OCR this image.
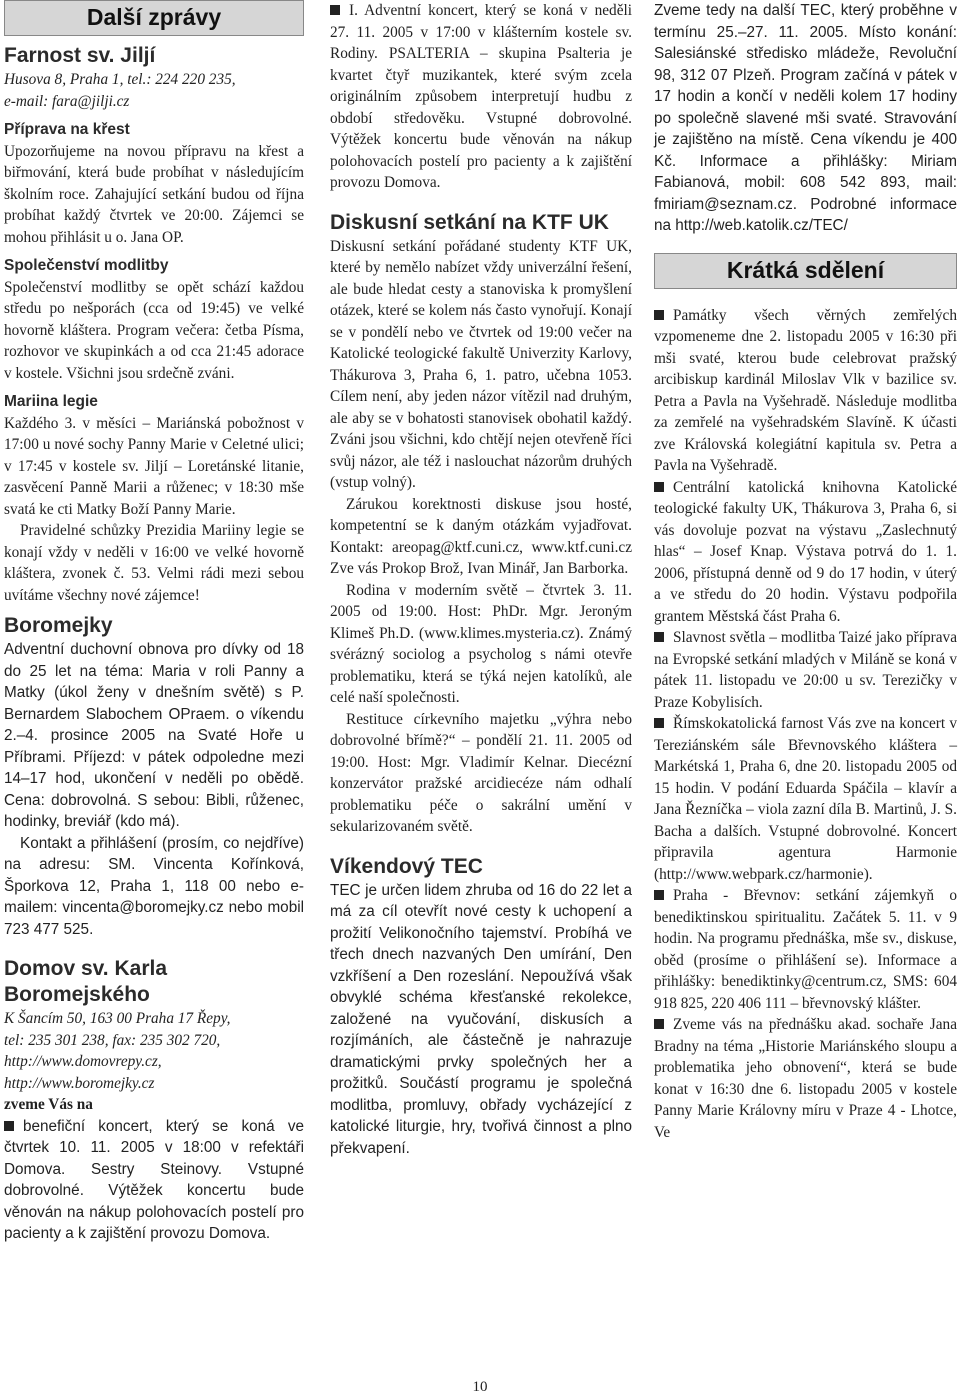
Další zprávy
Farnost sv. Jiljí
Husova 8, Praha 1, tel.: 224 220 235,
e-mail: fara@jilji.cz
Příprava na křest

Upozorňujeme na novou přípravu na křest a biřmování, která bude probíhat v následujícím školním roce. Zahajující setkání budou od října probíhat každý čtvrtek ve 20:00. Zájemci se mohou přihlásit u o. Jana OP.

Společenství modlitby

Společenství modlitby se opět schází každou středu po nešporách (cca od 19:45) ve velké hovorně kláštera. Program večera: četba Písma, rozhovor ve skupinkách a od cca 21:45 adorace v kostele. Všichni jsou srdečně zváni.

Mariina legie

Každého 3. v měsíci – Mariánská pobožnost v 17:00 u nové sochy Panny Marie v Celetné ulici; v 17:45 v kostele sv. Jiljí – Loretánské litanie, zasvěcení Panně Marii a růženec; v 18:30 mše svatá ke cti Matky Boží Panny Marie.

Pravidelné schůzky Prezidia Mariiny legie se konají vždy v neděli v 16:00 ve velké hovorně kláštera, zvonek č. 53. Velmi rádi mezi sebou uvítáme všechny nové zájemce!

Boromejky

Adventní duchovní obnova pro dívky od 18 do 25 let na téma: Maria v roli Panny a Matky (úkol ženy v dnešním světě) s P. Bernardem Slabochem OPraem. o víkendu 2.–4. prosince 2005 na Svaté Hoře u Příbrami. Příjezd: v pátek odpoledne mezi 14–17 hod, ukončení v neděli po obědě. Cena: dobrovolná. S sebou: Bibli, růženec, hodinky, breviář (kdo má).

Kontakt a přihlášení (prosím, co nejdříve) na adresu: SM. Vincenta Kořínková, Šporkova 12, Praha 1, 118 00 nebo e-mailem: vincenta@boromejky.cz nebo mobil 723 477 525.

Domov sv. Karla Boromejského
K Šancím 50, 163 00 Praha 17 Řepy,
tel: 235 301 238, fax: 235 302 720,
http://www.domovrepy.cz,
http://www.boromejky.cz
zveme Vás na

benefiční koncert, který se koná ve čtvrtek 10. 11. 2005 v 18:00 v refektáři Domova. Sestry Steinovy. Vstupné dobrovolné. Výtěžek koncertu bude věnován na nákup polohovacích postelí pro pacienty a k zajištění provozu Domova.

I. Adventní koncert, který se koná v neděli 27. 11. 2005 v 17:00 v klášterním kostele sv. Rodiny. PSALTERIA – skupina Psalteria je kvartet čtyř muzikantek, které svým zcela originálním způsobem interpretují hudbu z období středověku. Vstupné dobrovolné. Výtěžek koncertu bude věnován na nákup polohovacích postelí pro pacienty a k zajištění provozu Domova.

Diskusní setkání na KTF UK

Diskusní setkání pořádané studenty KTF UK, které by nemělo nabízet vždy univerzální řešení, ale bude hledat cesty a stanoviska k promyšlení otázek, které se kolem nás často vynořují. Konají se v pondělí nebo ve čtvrtek od 19:00 večer na Katolické teologické fakultě Univerzity Karlovy, Thákurova 3, Praha 6, 1. patro, učebna 1053. Cílem není, aby jeden názor vítězil nad druhým, ale aby se v bohatosti stanovisek obohatil každý. Zváni jsou všichni, kdo chtějí nejen otevřeně říci svůj názor, ale též i naslouchat názorům druhých (vstup volný).

Zárukou korektnosti diskuse jsou hosté, kompetentní se k daným otázkám vyjadřovat. Kontakt: areopag@ktf.cuni.cz, www.ktf.cuni.cz Zve vás Prokop Brož, Ivan Minář, Jan Barborka.

Rodina v moderním světě – čtvrtek 3. 11. 2005 od 19:00. Host: PhDr. Mgr. Jeroným Klimeš Ph.D. (www.klimes.mysteria.cz). Známý svérázný sociolog a psycholog s námi otevře problematiku, která se týká nejen katolíků, ale celé naší společnosti.

Restituce církevního majetku „výhra nebo dobrovolné břímě?“ – pondělí 21. 11. 2005 od 19:00. Host: Mgr. Vladimír Kelnar. Diecézní konzervátor pražské arcidiecéze nám odhalí problematiku péče o sakrální umění v sekularizovaném světě.

Víkendový TEC

TEC je určen lidem zhruba od 16 do 22 let a má za cíl otevřít nové cesty k uchopení a prožití Velikonočního tajemství. Probíhá ve třech dnech nazvaných Den umírání, Den vzkříšení a Den rozeslání. Nepoužívá však obvyklé schéma křesťanské rekolekce, založené na vyučování, diskusích a rozjímáních, ale částečně je nahrazuje dramatickými prvky společných her a prožitků. Součástí programu je společná modlitba, promluvy, obřady vycházející z katolické liturgie, hry, tvořivá činnost a plno překvapení.

Zveme tedy na další TEC, který proběhne v termínu 25.–27. 11. 2005. Místo konání: Salesiánské středisko mládeže, Revoluční 98, 312 07 Plzeň. Program začíná v pátek v 17 hodin a končí v neděli kolem 17 hodiny po společně slavené mši svaté. Stravování je zajištěno na místě. Cena víkendu je 400 Kč. Informace a přihlášky: Miriam Fabianová, mobil: 608 542 893, mail: fmiriam@seznam.cz. Podrobné informace na http://web.katolik.cz/TEC/

Krátká sdělení

Památky všech věrných zemřelých vzpomeneme dne 2. listopadu 2005 v 16:30 při mši svaté, kterou bude celebrovat pražský arcibiskup kardinál Miloslav Vlk v bazilice sv. Petra a Pavla na Vyšehradě. Následuje modlitba za zemřelé na vyšehradském Slavíně. K účasti zve Královská kolegiátní kapitula sv. Petra a Pavla na Vyšehradě.

Centrální katolická knihovna Katolické teologické fakulty UK, Thákurova 3, Praha 6, si vás dovoluje pozvat na výstavu „Zaslechnutý hlas“ – Josef Knap. Výstava potrvá do 1. 1. 2006, přístupná denně od 9 do 17 hodin, v úterý a ve středu do 20 hodin. Výstavu podpořila grantem Městská část Praha 6.

Slavnost světla – modlitba Taizé jako příprava na Evropské setkání mladých v Miláně se koná v pátek 11. listopadu ve 20:00 u sv. Terezičky v Praze Kobylisích.

Římskokatolická farnost Vás zve na koncert v Tereziánském sále Břevnovského kláštera – Markétská 1, Praha 6, dne 20. listopadu 2005 od 15 hodin. V podání Eduarda Spáčila – klavír a Jana Řezníčka – viola zazní díla B. Martinů, J. S. Bacha a dalších. Vstupné dobrovolné. Koncert připravila agentura Harmonie (http://www.webpark.cz/harmonie).

Praha - Břevnov: setkání zájemkyň o benediktinskou spiritualitu. Začátek 5. 11. v 9 hodin. Na programu přednáška, mše sv., diskuse, oběd (prosíme o přihlášení se). Informace a přihlášky: benediktinky@centrum.cz, SMS: 604 918 825, 220 406 111 – břevnovský klášter.

Zveme vás na přednášku akad. sochaře Jana Bradny na téma „Historie Mariánského sloupu a problematika jeho obnovení“, která se bude konat v 16:30 dne 6. listopadu 2005 v kostele Panny Marie Královny míru v Praze 4 - Lhotce, Ve

10
